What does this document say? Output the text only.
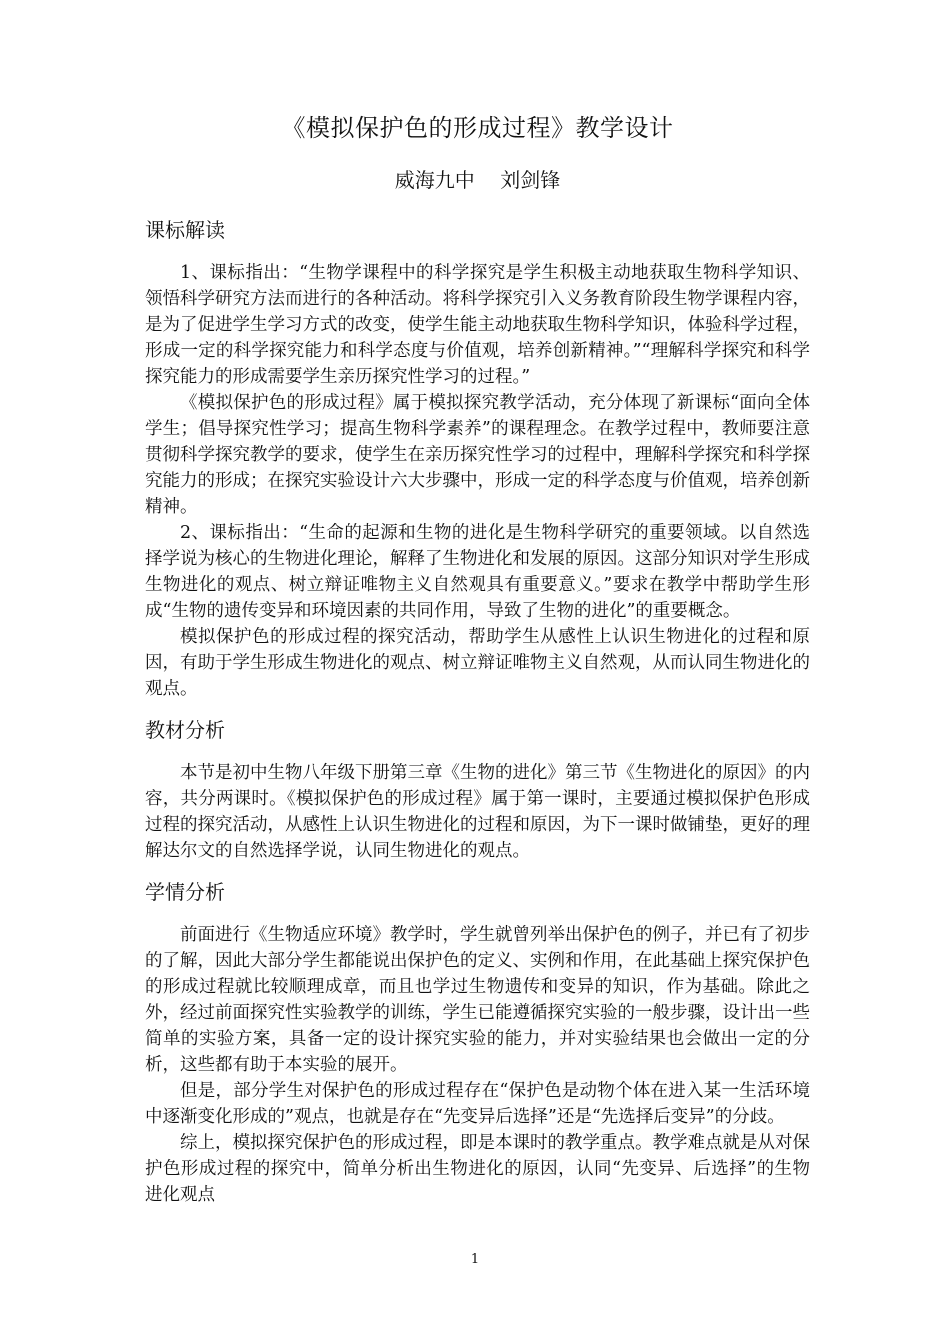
《模拟保护色的形成过程》教学设计
威海九中    刘剑锋
课标解读

1、课标指出：“生物学课程中的科学探究是学生积极主动地获取生物科学知识、领悟科学研究方法而进行的各种活动。将科学探究引入义务教育阶段生物学课程内容，是为了促进学生学习方式的改变，使学生能主动地获取生物科学知识，体验科学过程，形成一定的科学探究能力和科学态度与价值观，培养创新精神。”“理解科学探究和科学探究能力的形成需要学生亲历探究性学习的过程。”

《模拟保护色的形成过程》属于模拟探究教学活动，充分体现了新课标“面向全体学生；倡导探究性学习；提高生物科学素养”的课程理念。在教学过程中，教师要注意贯彻科学探究教学的要求，使学生在亲历探究性学习的过程中，理解科学探究和科学探究能力的形成；在探究实验设计六大步骤中，形成一定的科学态度与价值观，培养创新精神。

2、课标指出：“生命的起源和生物的进化是生物科学研究的重要领域。以自然选择学说为核心的生物进化理论，解释了生物进化和发展的原因。这部分知识对学生形成生物进化的观点、树立辩证唯物主义自然观具有重要意义。”要求在教学中帮助学生形成“生物的遗传变异和环境因素的共同作用，导致了生物的进化”的重要概念。

模拟保护色的形成过程的探究活动，帮助学生从感性上认识生物进化的过程和原因，有助于学生形成生物进化的观点、树立辩证唯物主义自然观，从而认同生物进化的观点。

教材分析

本节是初中生物八年级下册第三章《生物的进化》第三节《生物进化的原因》的内容，共分两课时。《模拟保护色的形成过程》属于第一课时，主要通过模拟保护色形成过程的探究活动，从感性上认识生物进化的过程和原因，为下一课时做铺垫，更好的理解达尔文的自然选择学说，认同生物进化的观点。

学情分析

前面进行《生物适应环境》教学时，学生就曾列举出保护色的例子，并已有了初步的了解，因此大部分学生都能说出保护色的定义、实例和作用，在此基础上探究保护色的形成过程就比较顺理成章，而且也学过生物遗传和变异的知识，作为基础。除此之外，经过前面探究性实验教学的训练，学生已能遵循探究实验的一般步骤，设计出一些简单的实验方案，具备一定的设计探究实验的能力，并对实验结果也会做出一定的分析，这些都有助于本实验的展开。

但是，部分学生对保护色的形成过程存在“保护色是动物个体在进入某一生活环境中逐渐变化形成的”观点，也就是存在“先变异后选择”还是“先选择后变异”的分歧。

综上，模拟探究保护色的形成过程，即是本课时的教学重点。教学难点就是从对保护色形成过程的探究中，简单分析出生物进化的原因，认同“先变异、后选择”的生物进化观点

1
